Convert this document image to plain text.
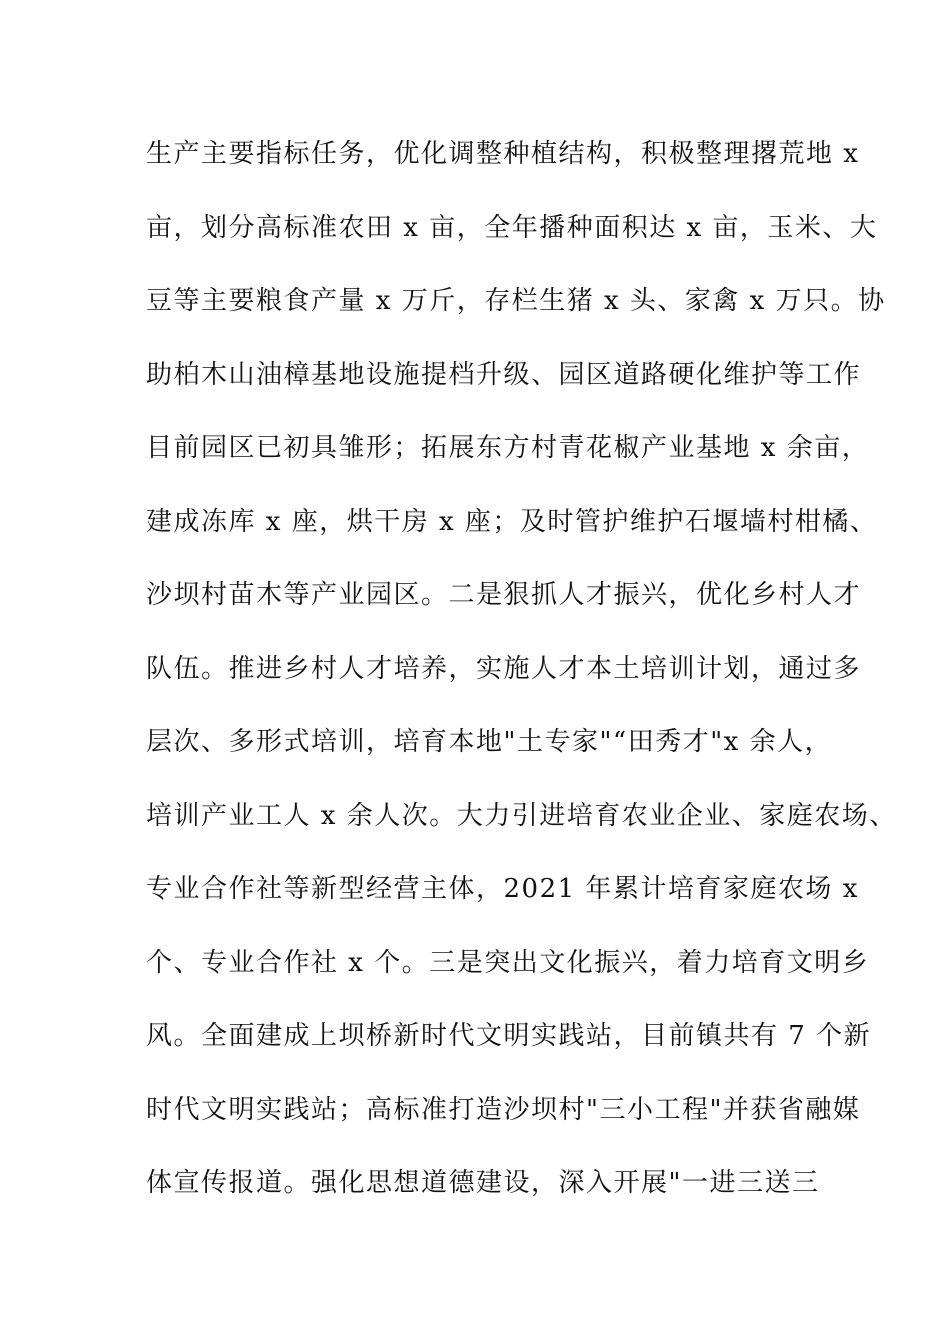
生产主要指标任务，优化调整种植结构，积极整理撂荒地 x
亩，划分高标准农田 x 亩，全年播种面积达 x 亩，玉米、大
豆等主要粮食产量 x 万斤，存栏生猪 x 头、家禽 x 万只。协
助柏木山油樟基地设施提档升级、园区道路硬化维护等工作
目前园区已初具雏形；拓展东方村青花椒产业基地 x 余亩，
建成冻库 x 座，烘干房 x 座；及时管护维护石堰墙村柑橘、
沙坝村苗木等产业园区。二是狠抓人才振兴，优化乡村人才
队伍。推进乡村人才培养，实施人才本土培训计划，通过多
层次、多形式培训，培育本地"土专家"“田秀才"x 余人，
培训产业工人 x 余人次。大力引进培育农业企业、家庭农场、
专业合作社等新型经营主体，2021 年累计培育家庭农场 x
个、专业合作社 x 个。三是突出文化振兴，着力培育文明乡
风。全面建成上坝桥新时代文明实践站，目前镇共有 7 个新
时代文明实践站；高标准打造沙坝村"三小工程"并获省融媒
体宣传报道。强化思想道德建设，深入开展"一进三送三
